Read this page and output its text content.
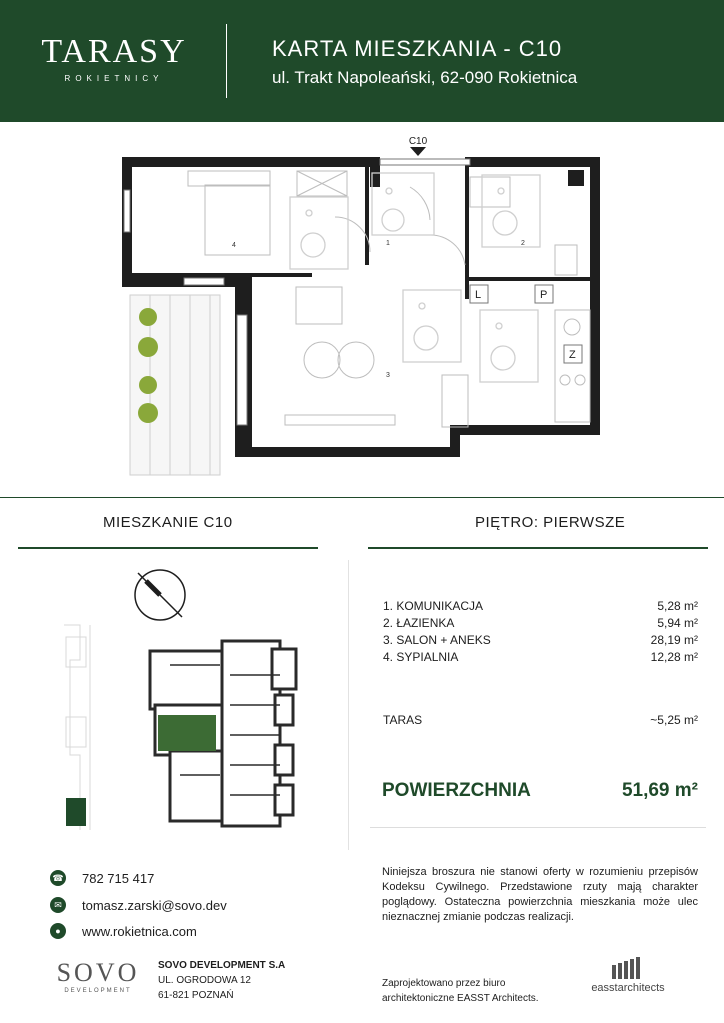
TARASY
ROKIETNICY
KARTA MIESZKANIA - C10
ul. Trakt Napoleański, 62-090 Rokietnica
C10
1	2
3
4
L	P
Z
MIESZKANIE C10	PIĘTRO: PIERWSZE
1. KOMUNIKACJA	5,28 m²
2. ŁAZIENKA	5,94 m²
3. SALON + ANEKS	28,19 m²
4. SYPIALNIA	12,28 m²
TARAS	~5,25 m²
POWIERZCHNIA	51,69 m²
☎ 782 715 417
✉	tomasz.zarski@sovo.dev
●	www.rokietnica.com
Niniejsza broszura nie stanowi oferty w rozumieniu przepisów Kodeksu Cywilnego. Przedstawione rzuty mają charakter poglądowy. Ostateczna powierzchnia mieszkania może ulec nieznacznej zmianie podczas realizacji.
SOVO
DEVELOPMENT
SOVO DEVELOPMENT S.A
UL. OGRODOWA 12
61-821 POZNAŃ
Zaprojektowano przez biuro
architektoniczne EASST Architects.
easstarchitects
